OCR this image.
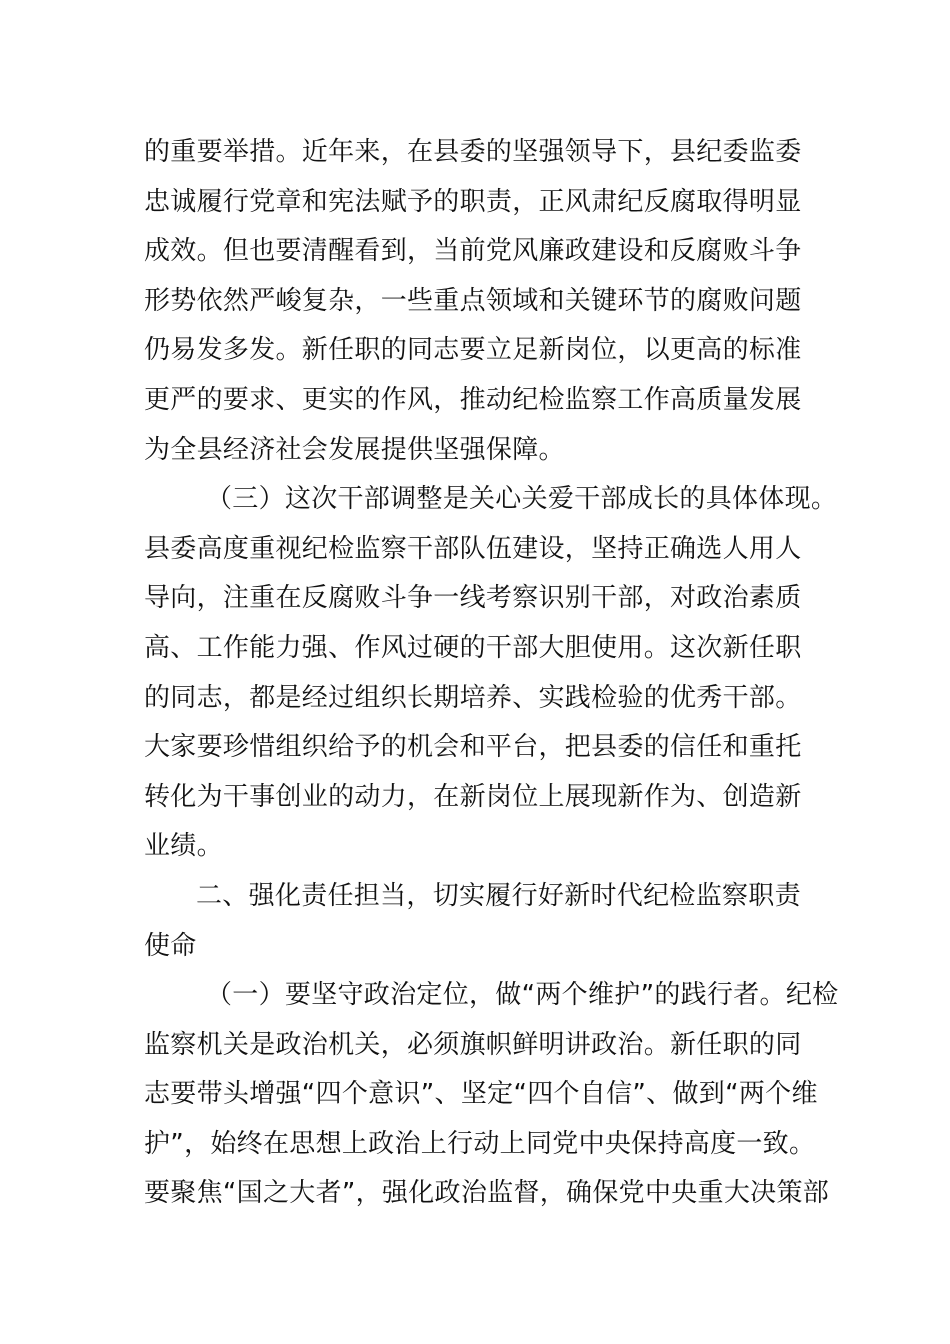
的重要举措。近年来，在县委的坚强领导下，县纪委监委
忠诚履行党章和宪法赋予的职责，正风肃纪反腐取得明显
成效。但也要清醒看到，当前党风廉政建设和反腐败斗争
形势依然严峻复杂，一些重点领域和关键环节的腐败问题
仍易发多发。新任职的同志要立足新岗位，以更高的标准
更严的要求、更实的作风，推动纪检监察工作高质量发展
为全县经济社会发展提供坚强保障。
（三）这次干部调整是关心关爱干部成长的具体体现。
县委高度重视纪检监察干部队伍建设，坚持正确选人用人
导向，注重在反腐败斗争一线考察识别干部，对政治素质
高、工作能力强、作风过硬的干部大胆使用。这次新任职
的同志，都是经过组织长期培养、实践检验的优秀干部。
大家要珍惜组织给予的机会和平台，把县委的信任和重托
转化为干事创业的动力，在新岗位上展现新作为、创造新
业绩。
二、强化责任担当，切实履行好新时代纪检监察职责
使命
（一）要坚守政治定位，做“两个维护”的践行者。纪检
监察机关是政治机关，必须旗帜鲜明讲政治。新任职的同
志要带头增强“四个意识”、坚定“四个自信”、做到“两个维
护”，始终在思想上政治上行动上同党中央保持高度一致。
要聚焦“国之大者”，强化政治监督，确保党中央重大决策部
